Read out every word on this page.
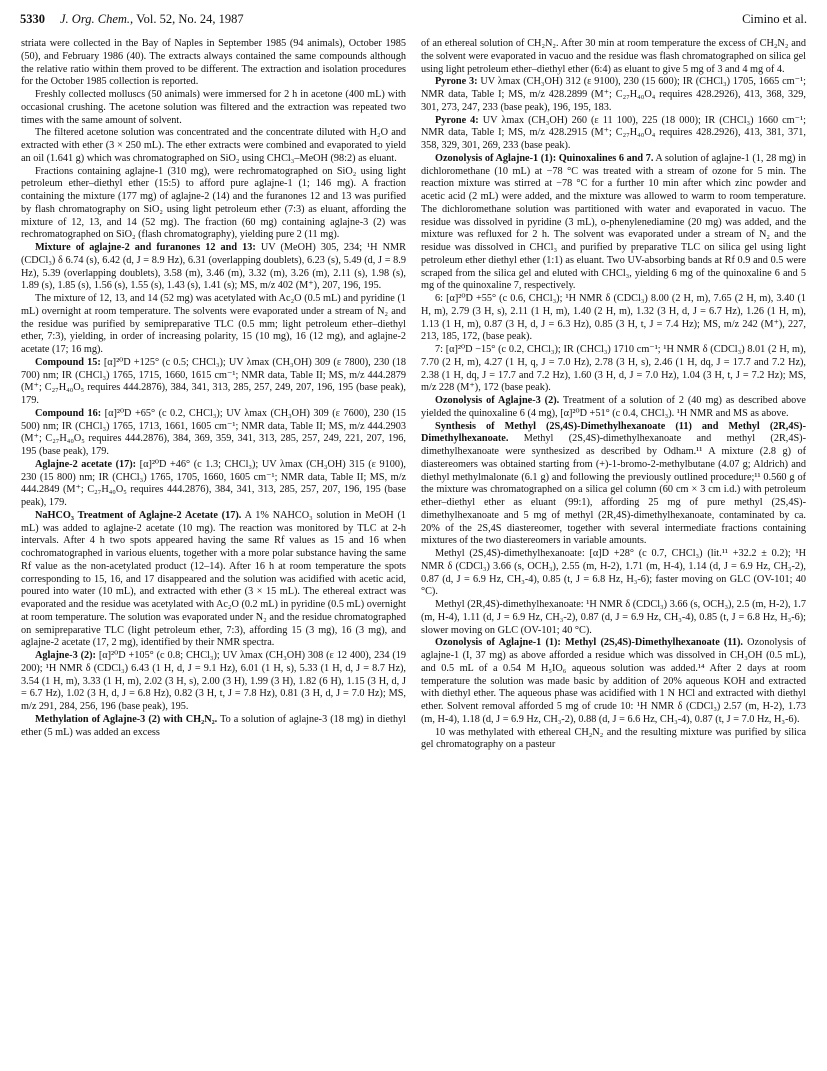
5330 J. Org. Chem., Vol. 52, No. 24, 1987	Cimino et al.

striata were collected in the Bay of Naples in September 1985 (94 animals), October 1985 (50), and February 1986 (40). The extracts always contained the same compounds although the relative ratio within them proved to be different. The extraction and isolation procedures for the October 1985 collection is reported.

Freshly collected molluscs (50 animals) were immersed for 2 h in acetone (400 mL) with occasional crushing. The acetone solution was filtered and the extraction was repeated two times with the same amount of solvent.

The filtered acetone solution was concentrated and the concentrate diluted with H₂O and extracted with ether (3 × 250 mL). The ether extracts were combined and evaporated to yield an oil (1.641 g) which was chromatographed on SiO₂ using CHCl₃–MeOH (98:2) as eluant.

Fractions containing aglajne-1 (310 mg), were rechromatographed on SiO₂ using light petroleum ether–diethyl ether (15:5) to afford pure aglajne-1 (1; 146 mg). A fraction containing the mixture (177 mg) of aglajne-2 (14) and the furanones 12 and 13 was purified by flash chromatography on SiO₂ using light petroleum ether (7:3) as eluant, affording the mixture of 12, 13, and 14 (52 mg). The fraction (60 mg) containing aglajne-3 (2) was rechromatographed on SiO₂ (flash chromatography), yielding pure 2 (11 mg).

Mixture of aglajne-2 and furanones 12 and 13: UV (MeOH) 305, 234; ¹H NMR (CDCl₃) δ 6.74 (s), 6.42 (d, J = 8.9 Hz), 6.31 (overlapping doublets), 6.23 (s), 5.49 (d, J = 8.9 Hz), 5.39 (overlapping doublets), 3.58 (m), 3.46 (m), 3.32 (m), 3.26 (m), 2.11 (s), 1.98 (s), 1.89 (s), 1.85 (s), 1.56 (s), 1.55 (s), 1.43 (s), 1.41 (s); MS, m/z 402 (M⁺), 207, 196, 195.

The mixture of 12, 13, and 14 (52 mg) was acetylated with Ac₂O (0.5 mL) and pyridine (1 mL) overnight at room temperature. The solvents were evaporated under a stream of N₂ and the residue was purified by semipreparative TLC (0.5 mm; light petroleum ether–diethyl ether, 7:3), yielding, in order of increasing polarity, 15 (10 mg), 16 (12 mg), and aglajne-2 acetate (17; 16 mg).

Compound 15: [α]²⁰D +125° (c 0.5; CHCl₃); UV λmax (CH₃OH) 309 (ε 7800), 230 (18 700) nm; IR (CHCl₃) 1765, 1715, 1660, 1615 cm⁻¹; NMR data, Table II; MS, m/z 444.2879 (M⁺; C₂₇H₄₀O₅ requires 444.2876), 384, 341, 313, 285, 257, 249, 207, 196, 195 (base peak), 179.

Compound 16: [α]²⁰D +65° (c 0.2, CHCl₃); UV λmax (CH₃OH) 309 (ε 7600), 230 (15 500) nm; IR (CHCl₃) 1765, 1713, 1661, 1605 cm⁻¹; NMR data, Table II; MS, m/z 444.2903 (M⁺; C₂₇H₄₀O₅ requires 444.2876), 384, 369, 359, 341, 313, 285, 257, 249, 221, 207, 196, 195 (base peak), 179.

Aglajne-2 acetate (17): [α]²⁰D +46° (c 1.3; CHCl₃); UV λmax (CH₃OH) 315 (ε 9100), 230 (15 800) nm; IR (CHCl₃) 1765, 1705, 1660, 1605 cm⁻¹; NMR data, Table II; MS, m/z 444.2849 (M⁺; C₂₇H₄₀O₅ requires 444.2876), 384, 341, 313, 285, 257, 207, 196, 195 (base peak), 179.

NaHCO₃ Treatment of Aglajne-2 Acetate (17). A 1% NAHCO₃ solution in MeOH (1 mL) was added to aglajne-2 acetate (10 mg). The reaction was monitored by TLC at 2-h intervals. After 4 h two spots appeared having the same Rf values as 15 and 16 when cochromatographed in various eluents, together with a more polar substance having the same Rf value as the non-acetylated product (12–14). After 16 h at room temperature the spots corresponding to 15, 16, and 17 disappeared and the solution was acidified with acetic acid, poured into water (10 mL), and extracted with ether (3 × 15 mL). The ethereal extract was evaporated and the residue was acetylated with Ac₂O (0.2 mL) in pyridine (0.5 mL) overnight at room temperature. The solution was evaporated under N₂ and the residue chromatographed on semipreparative TLC (light petroleum ether, 7:3), affording 15 (3 mg), 16 (3 mg), and aglajne-2 acetate (17, 2 mg), identified by their NMR spectra.

Aglajne-3 (2): [α]²⁰D +105° (c 0.8; CHCl₃); UV λmax (CH₃OH) 308 (ε 12 400), 234 (19 200); ¹H NMR δ (CDCl₃) 6.43 (1 H, d, J = 9.1 Hz), 6.01 (1 H, s), 5.33 (1 H, d, J = 8.7 Hz), 3.54 (1 H, m), 3.33 (1 H, m), 2.02 (3 H, s), 2.00 (3 H), 1.99 (3 H), 1.82 (6 H), 1.15 (3 H, d, J = 6.7 Hz), 1.02 (3 H, d, J = 6.8 Hz), 0.82 (3 H, t, J = 7.8 Hz), 0.81 (3 H, d, J = 7.0 Hz); MS, m/z 291, 284, 256, 196 (base peak), 195.

Methylation of Aglajne-3 (2) with CH₂N₂. To a solution of aglajne-3 (18 mg) in diethyl ether (5 mL) was added an excess

of an ethereal solution of CH₂N₂. After 30 min at room temperature the excess of CH₂N₂ and the solvent were evaporated in vacuo and the residue was flash chromatographed on silica gel using light petroleum ether–diethyl ether (6:4) as eluant to give 5 mg of 3 and 4 mg of 4.

Pyrone 3: UV λmax (CH₃OH) 312 (ε 9100), 230 (15 600); IR (CHCl₃) 1705, 1665 cm⁻¹; NMR data, Table I; MS, m/z 428.2899 (M⁺; C₂₇H₄₀O₄ requires 428.2926), 413, 368, 329, 301, 273, 247, 233 (base peak), 196, 195, 183.

Pyrone 4: UV λmax (CH₃OH) 260 (ε 11 100), 225 (18 000); IR (CHCl₃) 1660 cm⁻¹; NMR data, Table I; MS, m/z 428.2915 (M⁺; C₂₇H₄₀O₄ requires 428.2926), 413, 381, 371, 358, 329, 301, 269, 233 (base peak).

Ozonolysis of Aglajne-1 (1): Quinoxalines 6 and 7. A solution of aglajne-1 (1, 28 mg) in dichloromethane (10 mL) at −78 °C was treated with a stream of ozone for 5 min. The reaction mixture was stirred at −78 °C for a further 10 min after which zinc powder and acetic acid (2 mL) were added, and the mixture was allowed to warm to room temperature. The dichloromethane solution was partitioned with water and evaporated in vacuo. The residue was dissolved in pyridine (3 mL), o-phenylenediamine (20 mg) was added, and the mixture was refluxed for 2 h. The solvent was evaporated under a stream of N₂ and the residue was dissolved in CHCl₃ and purified by preparative TLC on silica gel using light petroleum ether diethyl ether (1:1) as eluant. Two UV-absorbing bands at Rf 0.9 and 0.5 were scraped from the silica gel and eluted with CHCl₃, yielding 6 mg of the quinoxaline 6 and 5 mg of the quinoxaline 7, respectively.

6: [α]²⁰D +55° (c 0.6, CHCl₃); ¹H NMR δ (CDCl₃) 8.00 (2 H, m), 7.65 (2 H, m), 3.40 (1 H, m), 2.79 (3 H, s), 2.11 (1 H, m), 1.40 (2 H, m), 1.32 (3 H, d, J = 6.7 Hz), 1.26 (1 H, m), 1.13 (1 H, m), 0.87 (3 H, d, J = 6.3 Hz), 0.85 (3 H, t, J = 7.4 Hz); MS, m/z 242 (M⁺), 227, 213, 185, 172, (base peak).

7: [α]²⁰D −15° (c 0.2, CHCl₃); IR (CHCl₃) 1710 cm⁻¹; ¹H NMR δ (CDCl₃) 8.01 (2 H, m), 7.70 (2 H, m), 4.27 (1 H, q, J = 7.0 Hz), 2.78 (3 H, s), 2.46 (1 H, dq, J = 17.7 and 7.2 Hz), 2.38 (1 H, dq, J = 17.7 and 7.2 Hz), 1.60 (3 H, d, J = 7.0 Hz), 1.04 (3 H, t, J = 7.2 Hz); MS, m/z 228 (M⁺), 172 (base peak).

Ozonolysis of Aglajne-3 (2). Treatment of a solution of 2 (40 mg) as described above yielded the quinoxaline 6 (4 mg), [α]²⁰D +51° (c 0.4, CHCl₃). ¹H NMR and MS as above.

Synthesis of Methyl (2S,4S)-Dimethylhexanoate (11) and Methyl (2R,4S)-Dimethylhexanoate. Methyl (2S,4S)-dimethylhexanoate and methyl (2R,4S)-dimethylhexanoate were synthesized as described by Odham.¹¹ A mixture (2.8 g) of diastereomers was obtained starting from (+)-1-bromo-2-methylbutane (4.07 g; Aldrich) and diethyl methylmalonate (6.1 g) and following the previously outlined procedure;¹¹ 0.560 g of the mixture was chromatographed on a silica gel column (60 cm × 3 cm i.d.) with petroleum ether–diethyl ether as eluant (99:1), affording 25 mg of pure methyl (2S,4S)-dimethylhexanoate and 5 mg of methyl (2R,4S)-dimethylhexanoate, contaminated by ca. 20% of the 2S,4S diastereomer, together with several intermediate fractions containing mixtures of the two diastereomers in variable amounts.

Methyl (2S,4S)-dimethylhexanoate: [α]D +28° (c 0.7, CHCl₃) (lit.¹¹ +32.2 ± 0.2); ¹H NMR δ (CDCl₃) 3.66 (s, OCH₃), 2.55 (m, H-2), 1.71 (m, H-4), 1.14 (d, J = 6.9 Hz, CH₃-2), 0.87 (d, J = 6.9 Hz, CH₃-4), 0.85 (t, J = 6.8 Hz, H₃-6); faster moving on GLC (OV-101; 40 °C).

Methyl (2R,4S)-dimethylhexanoate: ¹H NMR δ (CDCl₃) 3.66 (s, OCH₃), 2.5 (m, H-2), 1.7 (m, H-4), 1.11 (d, J = 6.9 Hz, CH₃-2), 0.87 (d, J = 6.9 Hz, CH₃-4), 0.85 (t, J = 6.8 Hz, H₃-6); slower moving on GLC (OV-101; 40 °C).

Ozonolysis of Aglajne-1 (1): Methyl (2S,4S)-Dimethylhexanoate (11). Ozonolysis of aglajne-1 (I, 37 mg) as above afforded a residue which was dissolved in CH₃OH (0.5 mL), and 0.5 mL of a 0.54 M H₅IO₆ aqueous solution was added.¹⁴ After 2 days at room temperature the solution was made basic by addition of 20% aqueous KOH and extracted with diethyl ether. The aqueous phase was acidified with 1 N HCl and extracted with diethyl ether. Solvent removal afforded 5 mg of crude 10: ¹H NMR δ (CDCl₃) 2.57 (m, H-2), 1.73 (m, H-4), 1.18 (d, J = 6.9 Hz, CH₃-2), 0.88 (d, J = 6.6 Hz, CH₃-4), 0.87 (t, J = 7.0 Hz, H₃-6).

10 was methylated with ethereal CH₂N₂ and the resulting mixture was purified by silica gel chromatography on a pasteur
